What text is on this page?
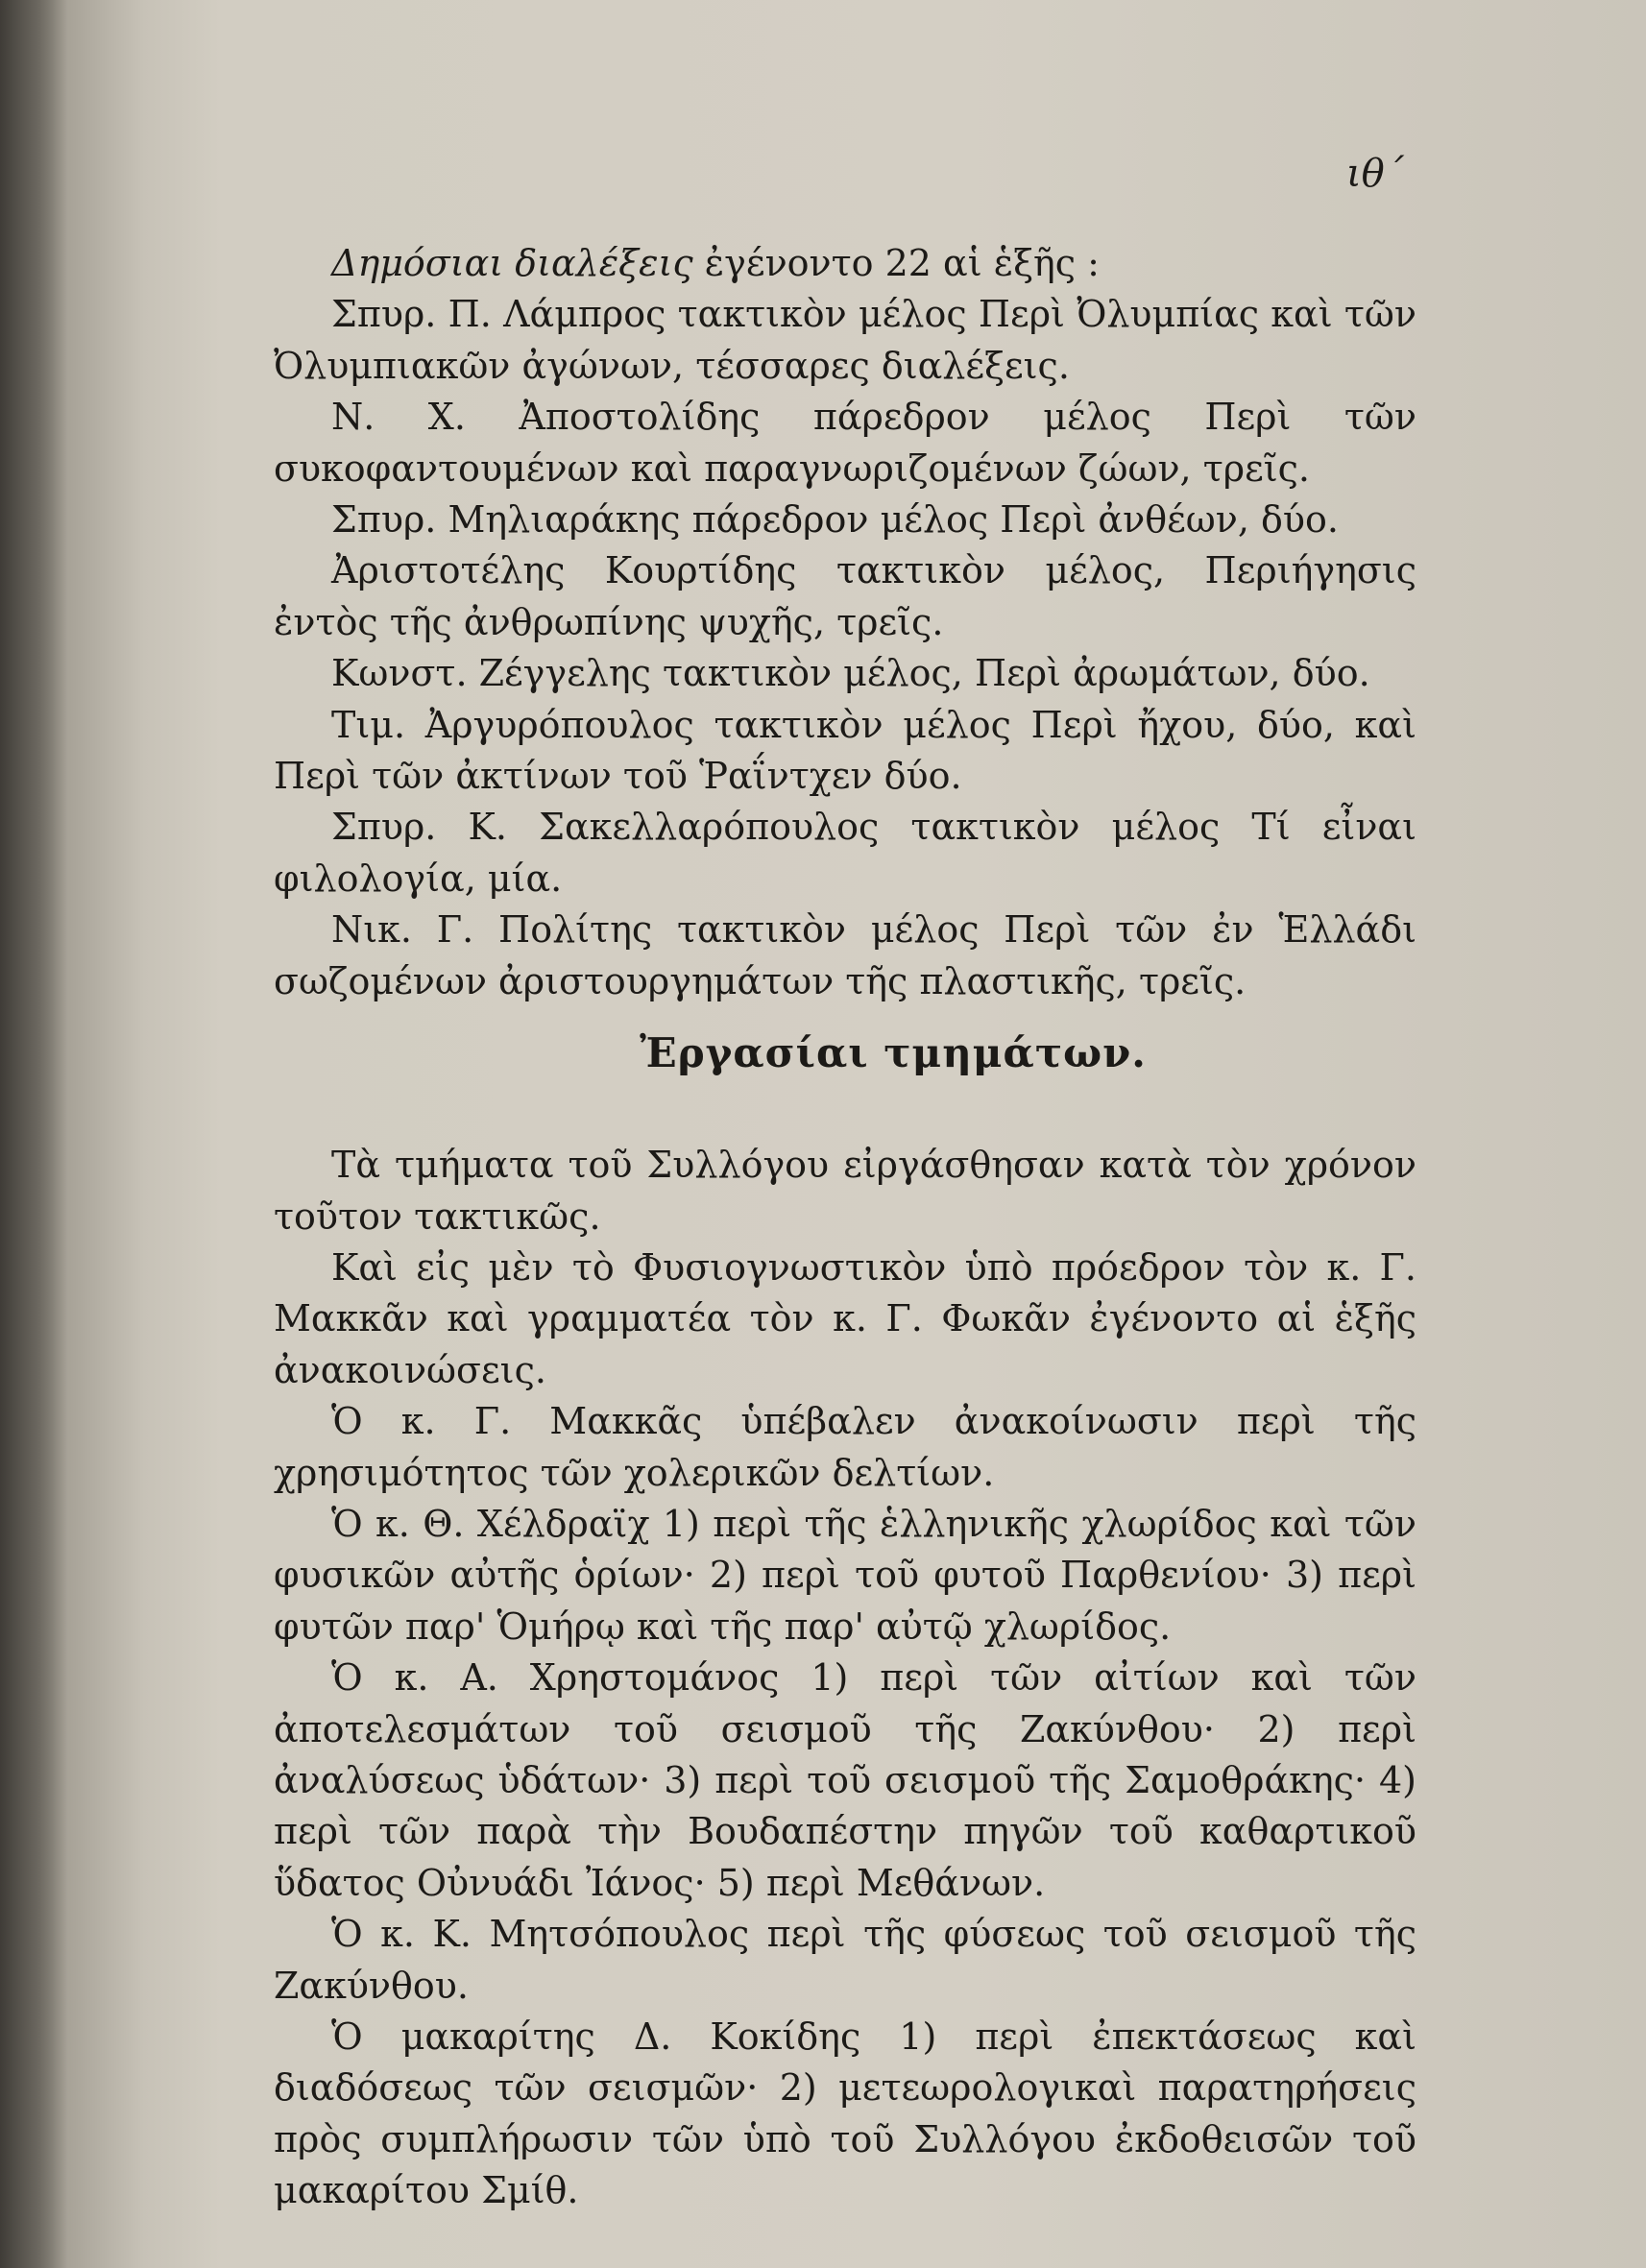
ιθ΄

Δημόσιαι διαλέξεις ἐγένοντο 22 αἱ ἑξῆς :

Σπυρ. Π. Λάμπρος τακτικὸν μέλος Περὶ Ὀλυμπίας καὶ τῶν Ὀλυμπιακῶν ἀγώνων, τέσσαρες διαλέξεις.

Ν. Χ. Ἀποστολίδης πάρεδρον μέλος Περὶ τῶν συκοφαντουμένων καὶ παραγνωριζομένων ζώων, τρεῖς.

Σπυρ. Μηλιαράκης πάρεδρον μέλος Περὶ ἀνθέων, δύο.

Ἀριστοτέλης Κουρτίδης τακτικὸν μέλος, Περιήγησις ἐντὸς τῆς ἀνθρωπίνης ψυχῆς, τρεῖς.

Κωνστ. Ζέγγελης τακτικὸν μέλος, Περὶ ἀρωμάτων, δύο.

Τιμ. Ἀργυρόπουλος τακτικὸν μέλος Περὶ ἤχου, δύο, καὶ Περὶ τῶν ἀκτίνων τοῦ Ῥαΐντχεν δύο.

Σπυρ. Κ. Σακελλαρόπουλος τακτικὸν μέλος Τί εἶναι φιλολογία, μία.

Νικ. Γ. Πολίτης τακτικὸν μέλος Περὶ τῶν ἐν Ἑλλάδι σωζομένων ἀριστουργημάτων τῆς πλαστικῆς, τρεῖς.

Ἐργασίαι τμημάτων.

Τὰ τμήματα τοῦ Συλλόγου εἰργάσθησαν κατὰ τὸν χρόνον τοῦτον τακτικῶς.

Καὶ εἰς μὲν τὸ Φυσιογνωστικὸν ὑπὸ πρόεδρον τὸν κ. Γ. Μακκᾶν καὶ γραμματέα τὸν κ. Γ. Φωκᾶν ἐγένοντο αἱ ἑξῆς ἀνακοινώσεις.

Ὁ κ. Γ. Μακκᾶς ὑπέβαλεν ἀνακοίνωσιν περὶ τῆς χρησιμότητος τῶν χολερικῶν δελτίων.

Ὁ κ. Θ. Χέλδραϊχ 1) περὶ τῆς ἑλληνικῆς χλωρίδος καὶ τῶν φυσικῶν αὐτῆς ὁρίων· 2) περὶ τοῦ φυτοῦ Παρθενίου· 3) περὶ φυτῶν παρ' Ὁμήρῳ καὶ τῆς παρ' αὐτῷ χλωρίδος.

Ὁ κ. Α. Χρηστομάνος 1) περὶ τῶν αἰτίων καὶ τῶν ἀποτελεσμάτων τοῦ σεισμοῦ τῆς Ζακύνθου· 2) περὶ ἀναλύσεως ὑδάτων· 3) περὶ τοῦ σεισμοῦ τῆς Σαμοθράκης· 4) περὶ τῶν παρὰ τὴν Βουδαπέστην πηγῶν τοῦ καθαρτικοῦ ὕδατος Οὐνυάδι Ἰάνος· 5) περὶ Μεθάνων.

Ὁ κ. Κ. Μητσόπουλος περὶ τῆς φύσεως τοῦ σεισμοῦ τῆς Ζακύνθου.

Ὁ μακαρίτης Δ. Κοκίδης 1) περὶ ἐπεκτάσεως καὶ διαδόσεως τῶν σεισμῶν· 2) μετεωρολογικαὶ παρατηρήσεις πρὸς συμπλήρωσιν τῶν ὑπὸ τοῦ Συλλόγου ἐκδοθεισῶν τοῦ μακαρίτου Σμίθ.
